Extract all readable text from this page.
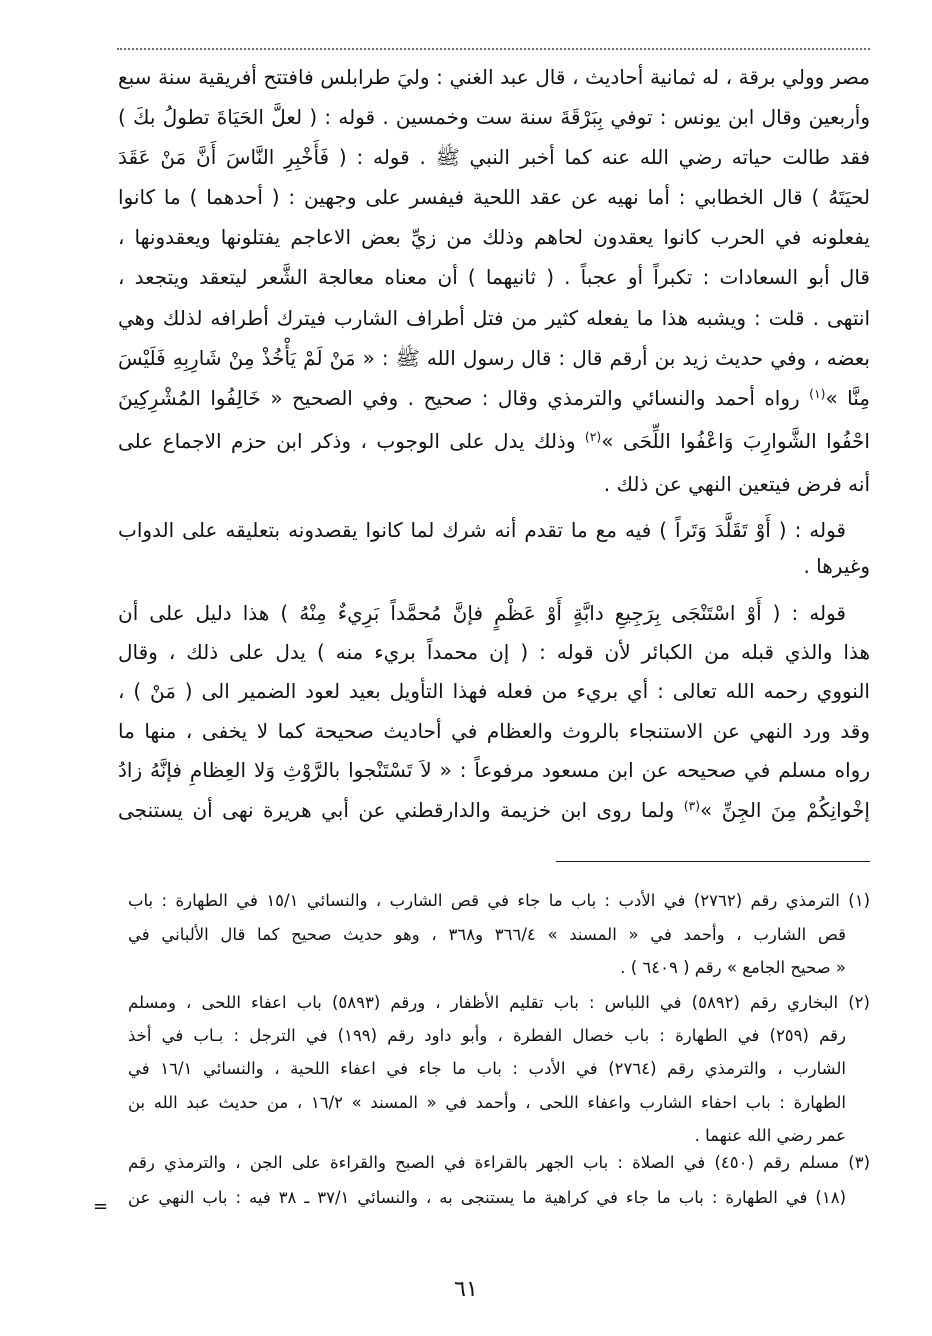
مصر وولي برقة ، له ثمانية أحاديث ، قال عبد الغني : وليَ طرابلس فافتتح أفريقية سنة سبع
وأربعين وقال ابن يونس : توفي بِبَرْقَةَ سنة ست وخمسين . قوله : ( لعلَّ الحَيَاةَ تطولُ بكَ )
فقد طالت حياته رضي الله عنه كما أخبر النبي ﷺ . قوله : ( فَأَخْبِرِ النَّاسَ أَنَّ مَنْ عَقَدَ
لحيَتَهُ ) قال الخطابي : أما نهيه عن عقد اللحية فيفسر على وجهين : ( أحدهما ) ما كانوا
يفعلونه في الحرب كانوا يعقدون لحاهم وذلك من زيِّ بعض الاعاجم يفتلونها ويعقدونها ،
قال أبو السعادات : تكبراً أو عجباً . ( ثانيهما ) أن معناه معالجة الشَّعر ليتعقد ويتجعد ،
انتهى . قلت : ويشبه هذا ما يفعله كثير من فتل أطراف الشارب فيترك أطرافه لذلك وهي
بعضه ، وفي حديث زيد بن أرقم قال : قال رسول الله ﷺ : « مَنْ لَمْ يَأْخُذْ مِنْ شَارِبِهِ فَلَيْسَ
مِنَّا »$^{(١)}$ رواه أحمد والنسائي والترمذي وقال : صحيح . وفي الصحيح « خَالِفُوا المُشْرِكِينَ
احْفُوا الشَّوارِبَ وَاعْفُوا اللِّحَى »$^{(٢)}$ وذلك يدل على الوجوب ، وذكر ابن حزم الاجماع على
أنه فرض فيتعين النهي عن ذلك .
قوله : ( أَوْ تَقَلَّدَ وَتَراً ) فيه مع ما تقدم أنه شرك لما كانوا يقصدونه بتعليقه على الدواب
وغيرها .
قوله : ( أَوْ اسْتَنْجَى بِرَجِيعِ دابَّةٍ أَوْ عَظْمٍ فإنَّ مُحمَّداً بَرِيءٌ مِنْهُ ) هذا دليل على أن
هذا والذي قبله من الكبائر لأن قوله : ( إن محمداً بريء منه ) يدل على ذلك ، وقال
النووي رحمه الله تعالى : أي بريء من فعله فهذا التأويل بعيد لعود الضمير الى ( مَنْ ) ،
وقد ورد النهي عن الاستنجاء بالروث والعظام في أحاديث صحيحة كما لا يخفى ، منها ما
رواه مسلم في صحيحه عن ابن مسعود مرفوعاً : « لاَ تَسْتَنْجوا بالرَّوْثِ وَلا العِظامِ فإنَّهُ زادُ
إخْوانِكُمْ مِنَ الجِنِّ »$^{(٣)}$ ولما روى ابن خزيمة والدارقطني عن أبي هريرة نهى أن يستنجى
(١) الترمذي رقم (٢٧٦٢) في الأدب : باب ما جاء في قص الشارب ، والنسائي ١٥/١ في الطهارة : باب
قص الشارب ، وأحمد في « المسند » ٣٦٦/٤ و٣٦٨ ، وهو حديث صحيح كما قال الألباني في
« صحيح الجامع » رقم ( ٦٤٠٩ ) .
(٢) البخاري رقم (٥٨٩٢) في اللباس : باب تقليم الأظفار ، ورقم (٥٨٩٣) باب اعفاء اللحى ، ومسلم
رقم (٢٥٩) في الطهارة : باب خصال الفطرة ، وأبو داود رقم (١٩٩) في الترجل : بـاب في أخذ
الشارب ، والترمذي رقم (٢٧٦٤) في الأدب : باب ما جاء في اعفاء اللحية ، والنسائي ١٦/١ في
الطهارة : باب احفاء الشارب واعفاء اللحى ، وأحمد في « المسند » ١٦/٢ ، من حديث عبد الله بن
عمر رضي الله عنهما .
(٣) مسلم رقم (٤٥٠) في الصلاة : باب الجهر بالقراءة في الصبح والقراءة على الجن ، والترمذي رقم
(١٨) في الطهارة : باب ما جاء في كراهية ما يستنجى به ، والنسائي ٣٧/١ ـ ٣٨ فيه : باب النهي عن
=
٦١
